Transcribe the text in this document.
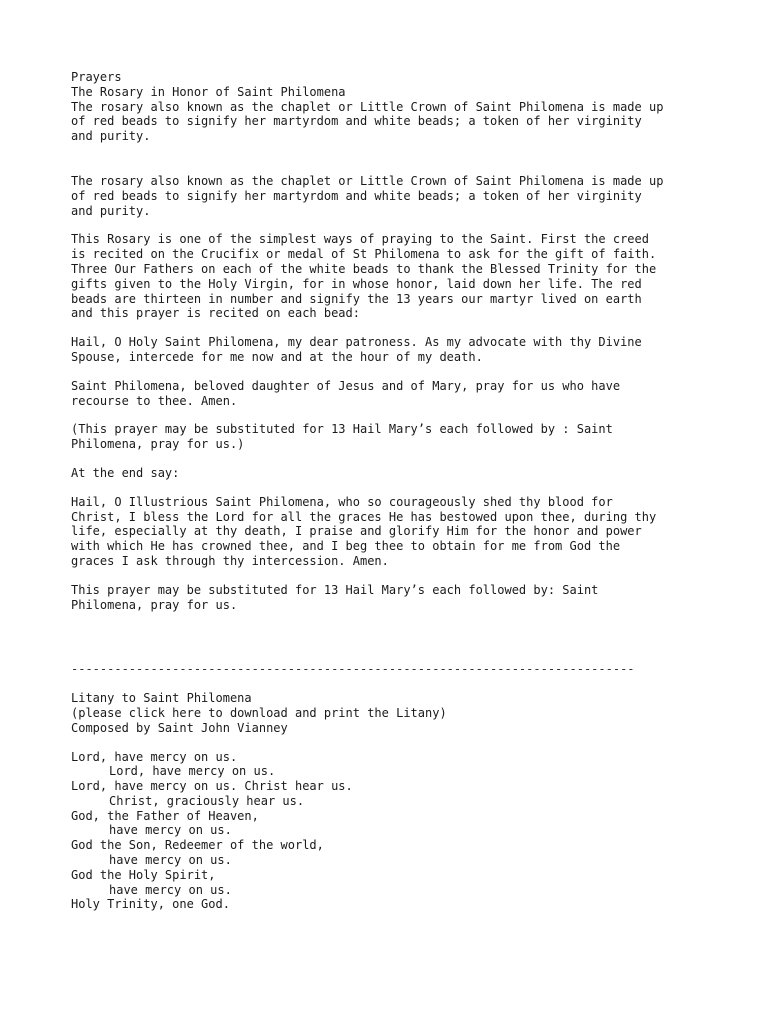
Prayers
The Rosary in Honor of Saint Philomena
The rosary also known as the chaplet or Little Crown of Saint Philomena is made up
of red beads to signify her martyrdom and white beads; a token of her virginity
and purity.
The rosary also known as the chaplet or Little Crown of Saint Philomena is made up
of red beads to signify her martyrdom and white beads; a token of her virginity
and purity.
This Rosary is one of the simplest ways of praying to the Saint. First the creed
is recited on the Crucifix or medal of St Philomena to ask for the gift of faith.
Three Our Fathers on each of the white beads to thank the Blessed Trinity for the
gifts given to the Holy Virgin, for in whose honor, laid down her life. The red
beads are thirteen in number and signify the 13 years our martyr lived on earth
and this prayer is recited on each bead:
Hail, O Holy Saint Philomena, my dear patroness. As my advocate with thy Divine
Spouse, intercede for me now and at the hour of my death.
Saint Philomena, beloved daughter of Jesus and of Mary, pray for us who have
recourse to thee. Amen.
(This prayer may be substituted for 13 Hail Mary’s each followed by : Saint
Philomena, pray for us.)
At the end say:
Hail, O Illustrious Saint Philomena, who so courageously shed thy blood for
Christ, I bless the Lord for all the graces He has bestowed upon thee, during thy
life, especially at thy death, I praise and glorify Him for the honor and power
with which He has crowned thee, and I beg thee to obtain for me from God the
graces I ask through thy intercession. Amen.
This prayer may be substituted for 13 Hail Mary’s each followed by: Saint
Philomena, pray for us.
------------------------------------------------------------------------------
Litany to Saint Philomena
(please click here to download and print the Litany)
Composed by Saint John Vianney
Lord, have mercy on us.
Lord, have mercy on us.
Lord, have mercy on us. Christ hear us.
Christ, graciously hear us.
God, the Father of Heaven,
have mercy on us.
God the Son, Redeemer of the world,
have mercy on us.
God the Holy Spirit,
have mercy on us.
Holy Trinity, one God.
